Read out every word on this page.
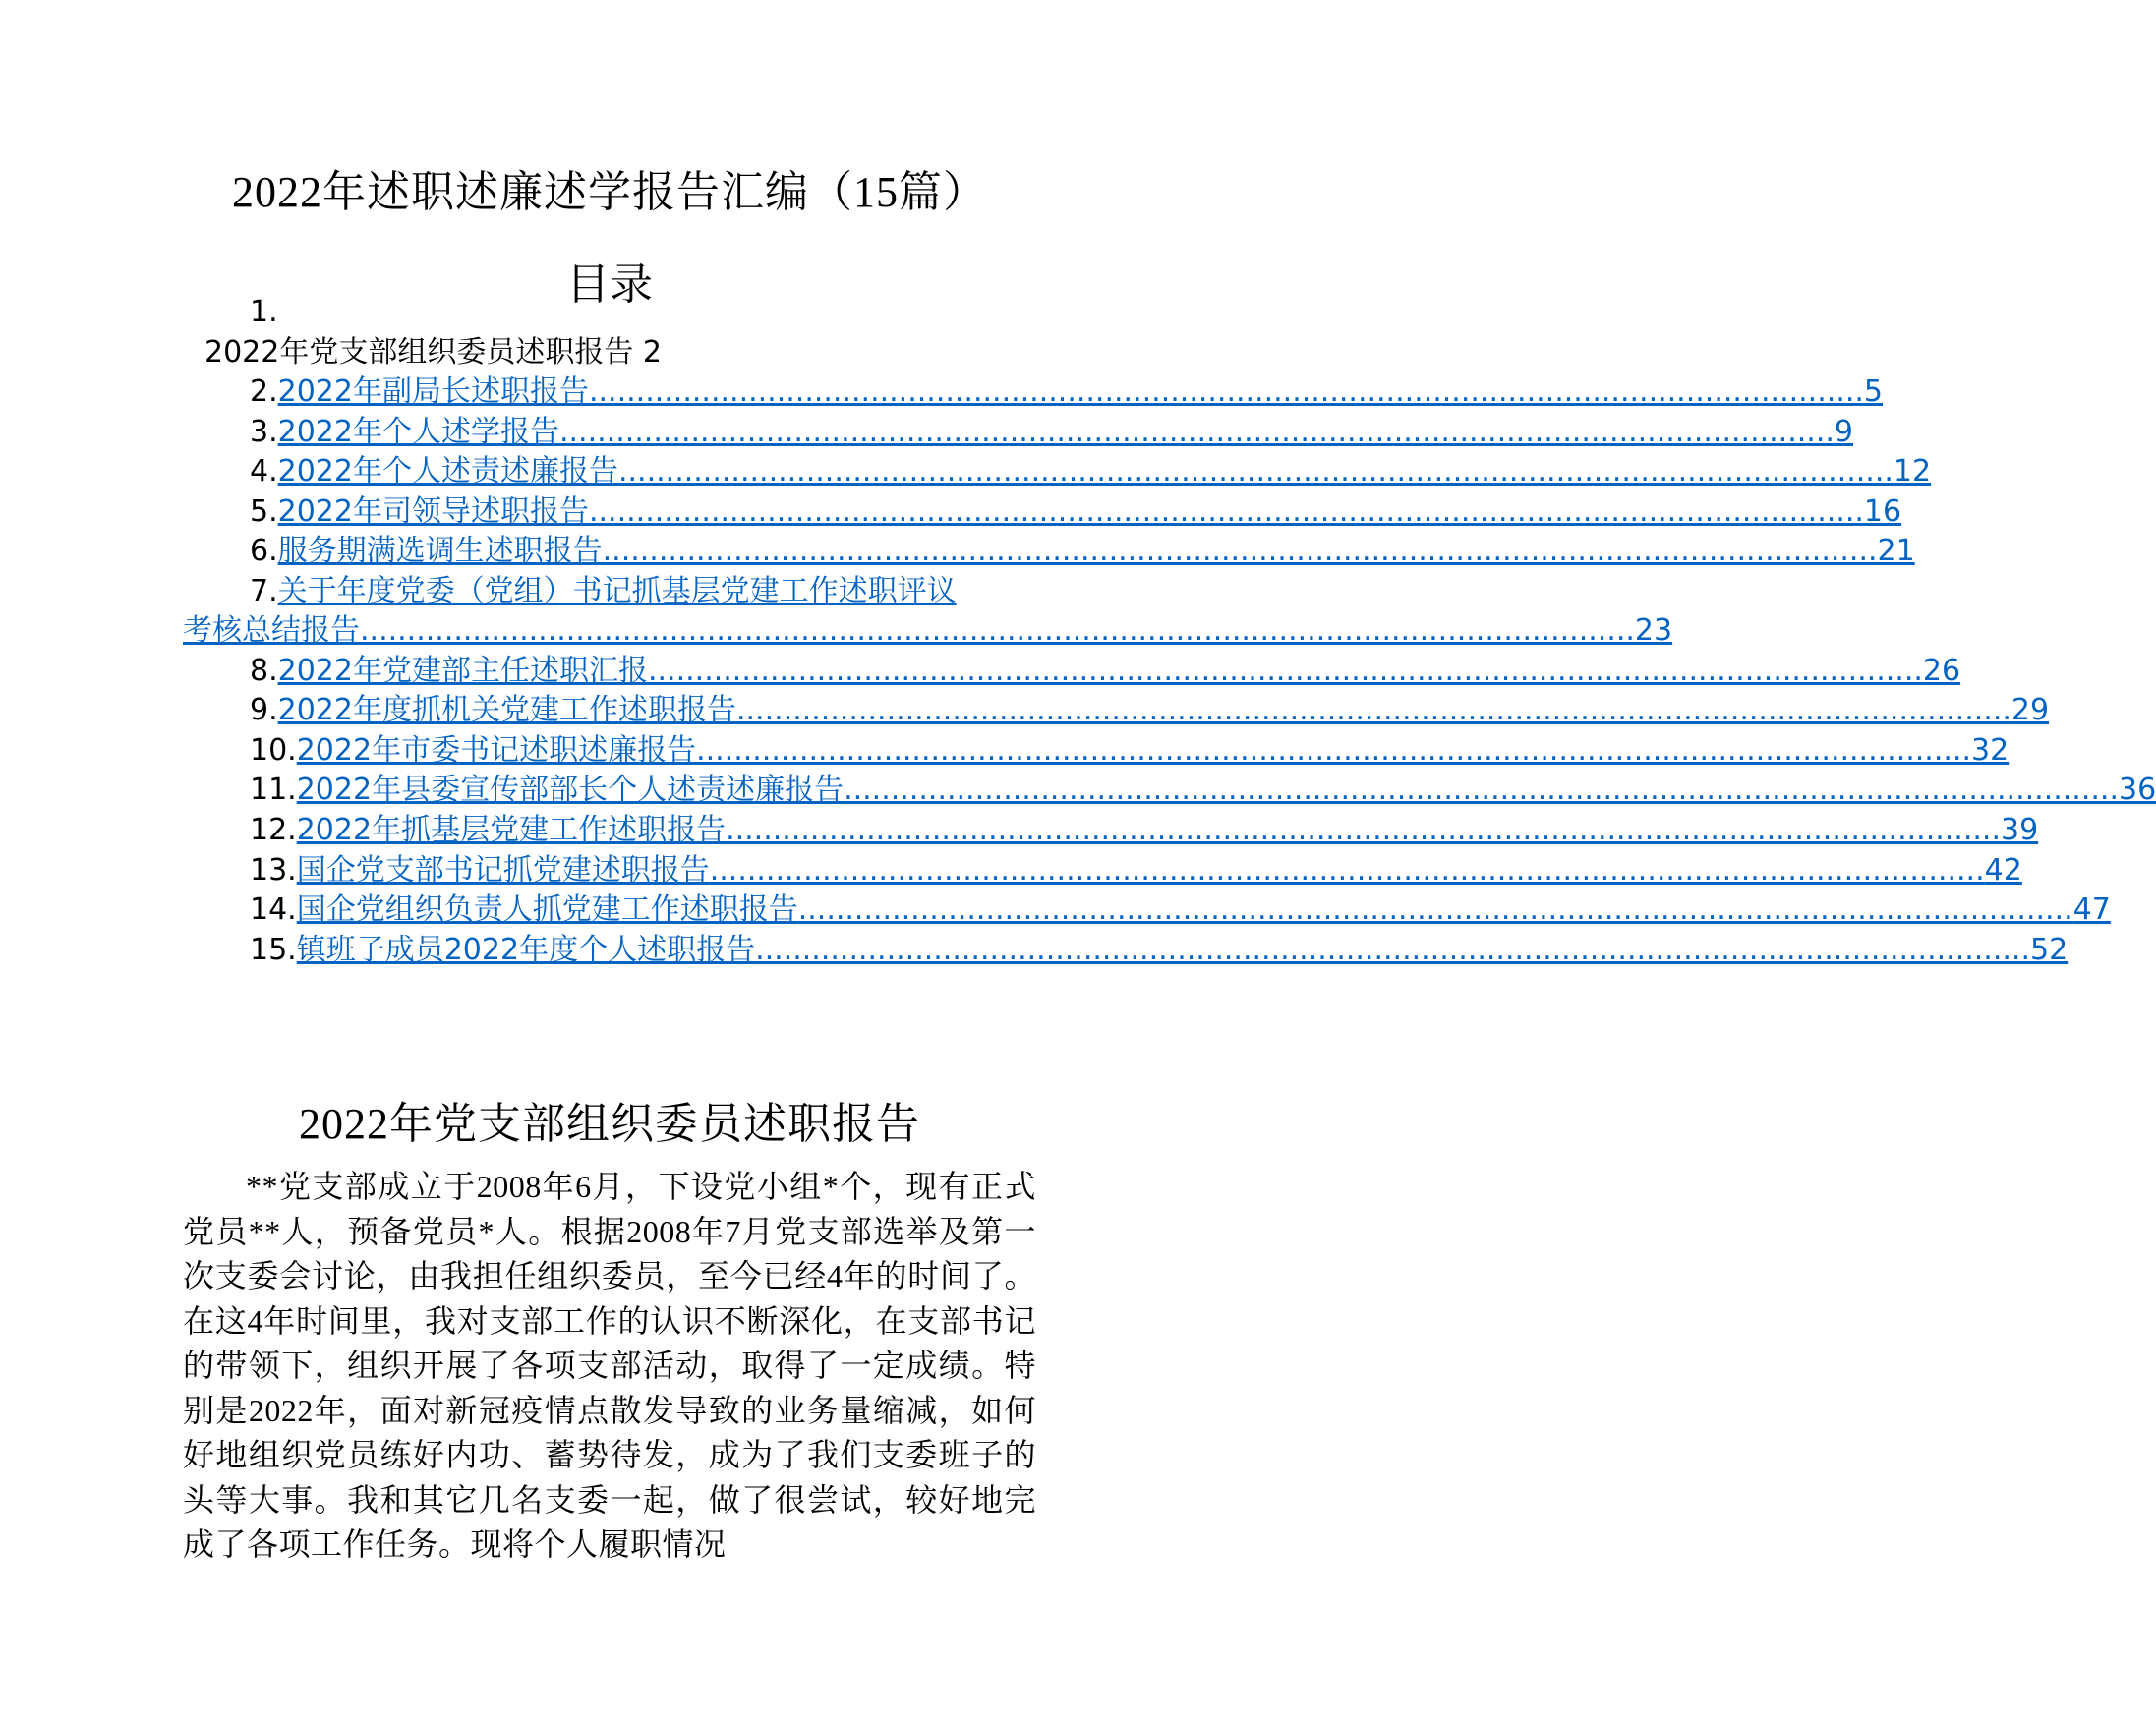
2022年述职述廉述学报告汇编（15篇）
目录
1.
2022年党支部组织委员述职报告 2
2. 2022年副局长述职报告 ........................................................................................................................................ 5
3. 2022年个人述学报告 ........................................................................................................................................ 9
4. 2022年个人述责述廉报告 ........................................................................................................................................ 12
5. 2022年司领导述职报告 ........................................................................................................................................ 16
6. 服务期满选调生述职报告 ........................................................................................................................................ 21
7.关于年度党委（党组）书记抓基层党建工作述职评议
考核总结报告 ........................................................................................................................................ 23
8. 2022年党建部主任述职汇报 ........................................................................................................................................ 26
9. 2022年度抓机关党建工作述职报告 ........................................................................................................................................ 29
10. 2022年市委书记述职述廉报告 ........................................................................................................................................ 32
11. 2022年县委宣传部部长个人述责述廉报告 ........................................................................................................................................ 36
12. 2022年抓基层党建工作述职报告 ........................................................................................................................................ 39
13. 国企党支部书记抓党建述职报告 ........................................................................................................................................ 42
14. 国企党组织负责人抓党建工作述职报告 ........................................................................................................................................ 47
15. 镇班子成员2022年度个人述职报告 ........................................................................................................................................ 52
2022年党支部组织委员述职报告

**党支部成立于2008年6月，下设党小组*个，现有正式党员**人，预备党员*人。根据2008年7月党支部选举及第一次支委会讨论，由我担任组织委员，至今已经4年的时间了。在这4年时间里，我对支部工作的认识不断深化，在支部书记的带领下，组织开展了各项支部活动，取得了一定成绩。特别是2022年，面对新冠疫情点散发导致的业务量缩减，如何好地组织党员练好内功、蓄势待发，成为了我们支委班子的头等大事。我和其它几名支委一起，做了很尝试，较好地完成了各项工作任务。现将个人履职情况
